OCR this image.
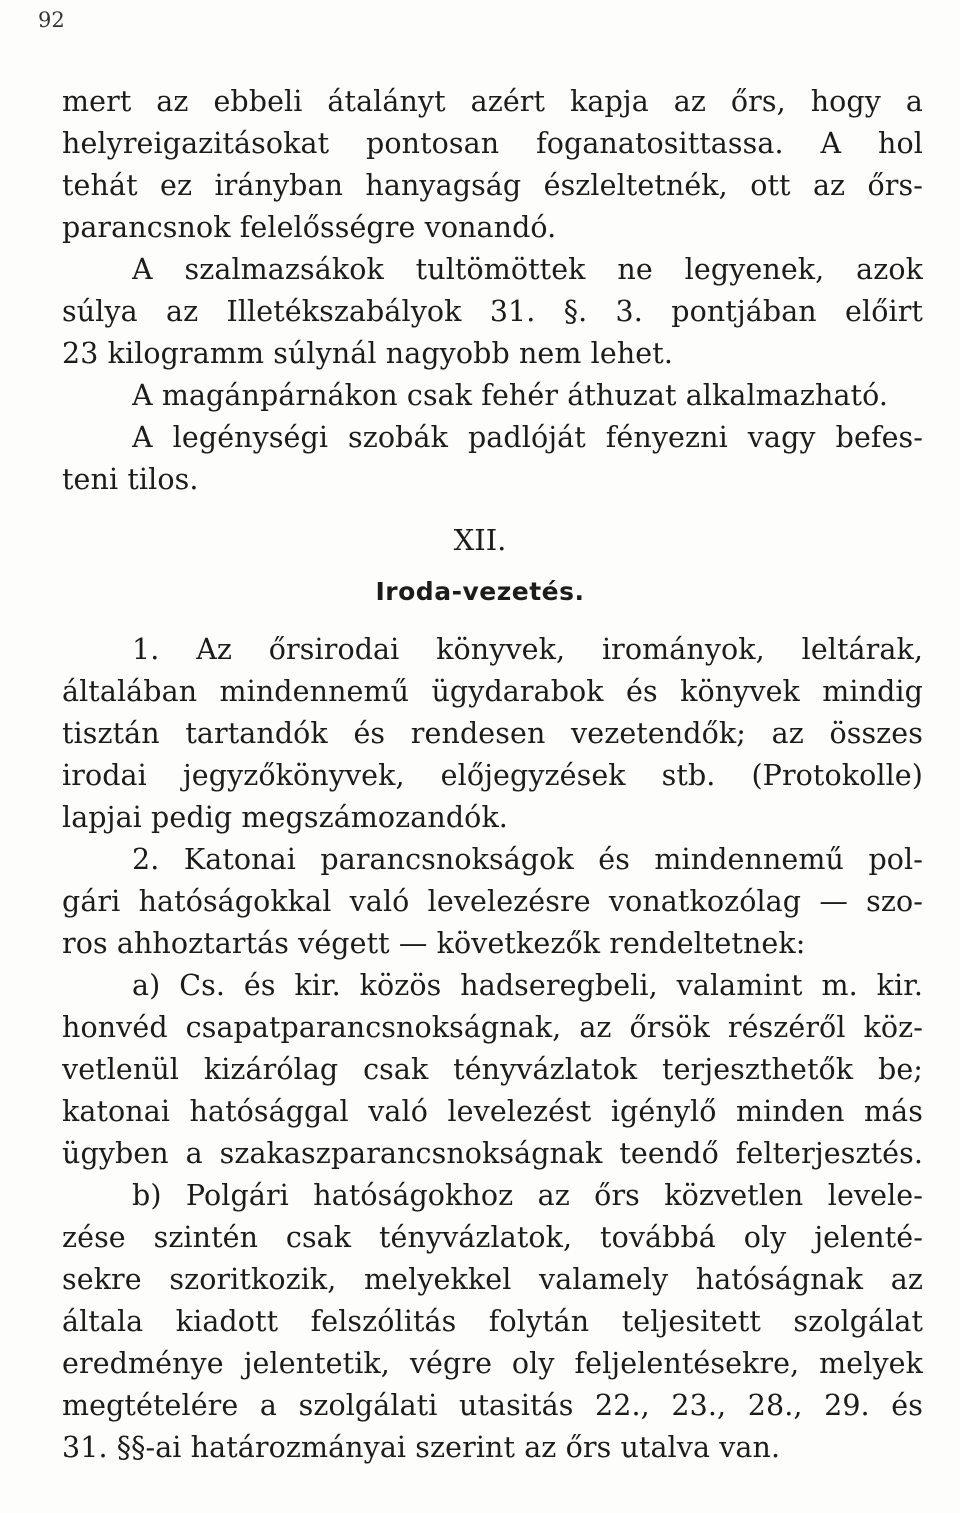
92
mert az ebbeli átalányt azért kapja az őrs, hogy a
helyreigazitásokat pontosan foganatosittassa. A hol
tehát ez irányban hanyagság észleltetnék, ott az őrs-
parancsnok felelősségre vonandó.
A szalmazsákok tultömöttek ne legyenek, azok
súlya az Illetékszabályok 31. §. 3. pontjában előirt
23 kilogramm súlynál nagyobb nem lehet.
A magánpárnákon csak fehér áthuzat alkalmazható.
A legénységi szobák padlóját fényezni vagy befes-
teni tilos.
XII.
Iroda-vezetés.
1. Az őrsirodai könyvek, irományok, leltárak,
általában mindennemű ügydarabok és könyvek mindig
tisztán tartandók és rendesen vezetendők; az összes
irodai jegyzőkönyvek, előjegyzések stb. (Protokolle)
lapjai pedig megszámozandók.
2. Katonai parancsnokságok és mindennemű pol-
gári hatóságokkal való levelezésre vonatkozólag — szo-
ros ahhoztartás végett — következők rendeltetnek:
a) Cs. és kir. közös hadseregbeli, valamint m. kir.
honvéd csapatparancsnokságnak, az őrsök részéről köz-
vetlenül kizárólag csak tényvázlatok terjeszthetők be;
katonai hatósággal való levelezést igénylő minden más
ügyben a szakaszparancsnokságnak teendő felterjesztés.
b) Polgári hatóságokhoz az őrs közvetlen levele-
zése szintén csak tényvázlatok, továbbá oly jelenté-
sekre szoritkozik, melyekkel valamely hatóságnak az
általa kiadott felszólitás folytán teljesitett szolgálat
eredménye jelentetik, végre oly feljelentésekre, melyek
megtételére a szolgálati utasitás 22., 23., 28., 29. és
31. §§-ai határozmányai szerint az őrs utalva van.
